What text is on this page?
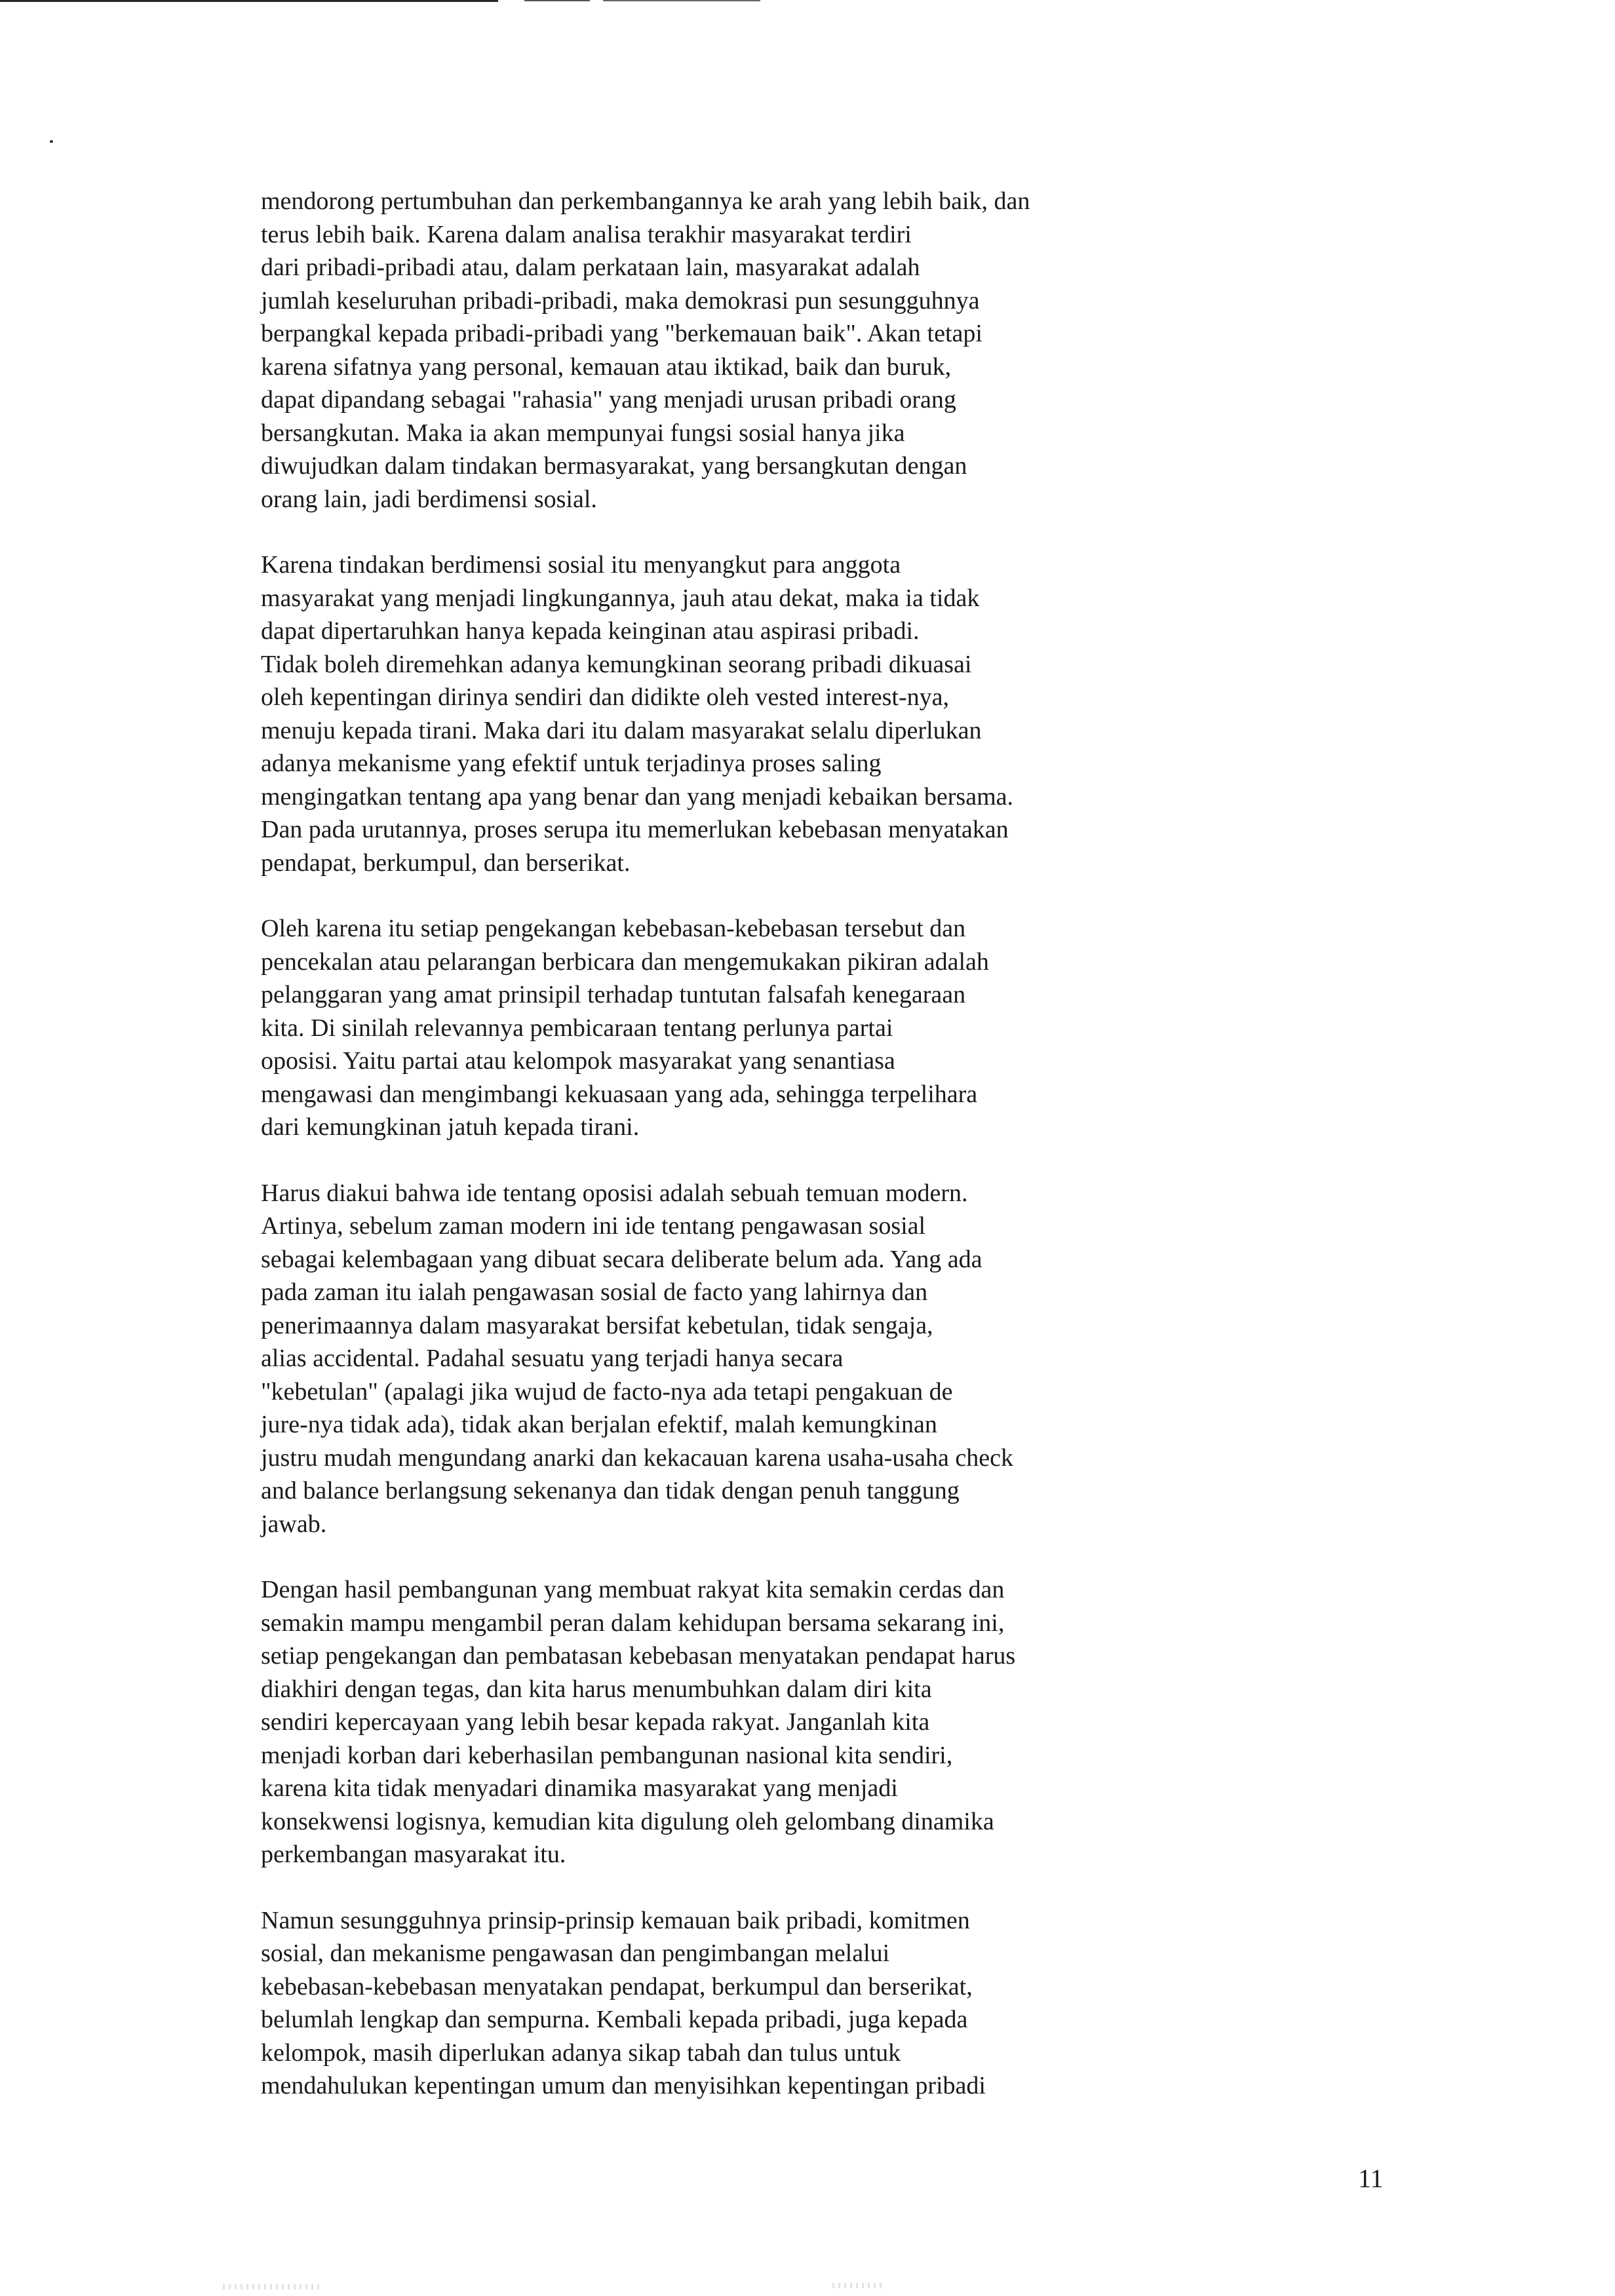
mendorong pertumbuhan dan perkembangannya ke arah yang lebih baik, dan
terus lebih baik. Karena dalam analisa terakhir masyarakat terdiri
dari pribadi-pribadi atau, dalam perkataan lain, masyarakat adalah
jumlah keseluruhan pribadi-pribadi, maka demokrasi pun sesungguhnya
berpangkal kepada pribadi-pribadi yang "berkemauan baik". Akan tetapi
karena sifatnya yang personal, kemauan atau iktikad, baik dan buruk,
dapat dipandang sebagai "rahasia" yang menjadi urusan pribadi orang
bersangkutan. Maka ia akan mempunyai fungsi sosial hanya jika
diwujudkan dalam tindakan bermasyarakat, yang bersangkutan dengan
orang lain, jadi berdimensi sosial.

Karena tindakan berdimensi sosial itu menyangkut para anggota
masyarakat yang menjadi lingkungannya, jauh atau dekat, maka ia tidak
dapat dipertaruhkan hanya kepada keinginan atau aspirasi pribadi.
Tidak boleh diremehkan adanya kemungkinan seorang pribadi dikuasai
oleh kepentingan dirinya sendiri dan didikte oleh vested interest-nya,
menuju kepada tirani. Maka dari itu dalam masyarakat selalu diperlukan
adanya mekanisme yang efektif untuk terjadinya proses saling
mengingatkan tentang apa yang benar dan yang menjadi kebaikan bersama.
Dan pada urutannya, proses serupa itu memerlukan kebebasan menyatakan
pendapat, berkumpul, dan berserikat.

Oleh karena itu setiap pengekangan kebebasan-kebebasan tersebut dan
pencekalan atau pelarangan berbicara dan mengemukakan pikiran adalah
pelanggaran yang amat prinsipil terhadap tuntutan falsafah kenegaraan
kita. Di sinilah relevannya pembicaraan tentang perlunya partai
oposisi. Yaitu partai atau kelompok masyarakat yang senantiasa
mengawasi dan mengimbangi kekuasaan yang ada, sehingga terpelihara
dari kemungkinan jatuh kepada tirani.

Harus diakui bahwa ide tentang oposisi adalah sebuah temuan modern.
Artinya, sebelum zaman modern ini ide tentang pengawasan sosial
sebagai kelembagaan yang dibuat secara deliberate belum ada. Yang ada
pada zaman itu ialah pengawasan sosial de facto yang lahirnya dan
penerimaannya dalam masyarakat bersifat kebetulan, tidak sengaja,
alias accidental. Padahal sesuatu yang terjadi hanya secara
"kebetulan" (apalagi jika wujud de facto-nya ada tetapi pengakuan de
jure-nya tidak ada), tidak akan berjalan efektif, malah kemungkinan
justru mudah mengundang anarki dan kekacauan karena usaha-usaha check
and balance berlangsung sekenanya dan tidak dengan penuh tanggung
jawab.

Dengan hasil pembangunan yang membuat rakyat kita semakin cerdas dan
semakin mampu mengambil peran dalam kehidupan bersama sekarang ini,
setiap pengekangan dan pembatasan kebebasan menyatakan pendapat harus
diakhiri dengan tegas, dan kita harus menumbuhkan dalam diri kita
sendiri kepercayaan yang lebih besar kepada rakyat. Janganlah kita
menjadi korban dari keberhasilan pembangunan nasional kita sendiri,
karena kita tidak menyadari dinamika masyarakat yang menjadi
konsekwensi logisnya, kemudian kita digulung oleh gelombang dinamika
perkembangan masyarakat itu.

Namun sesungguhnya prinsip-prinsip kemauan baik pribadi, komitmen
sosial, dan mekanisme pengawasan dan pengimbangan melalui
kebebasan-kebebasan menyatakan pendapat, berkumpul dan berserikat,
belumlah lengkap dan sempurna. Kembali kepada pribadi, juga kepada
kelompok, masih diperlukan adanya sikap tabah dan tulus untuk
mendahulukan kepentingan umum dan menyisihkan kepentingan pribadi

11
